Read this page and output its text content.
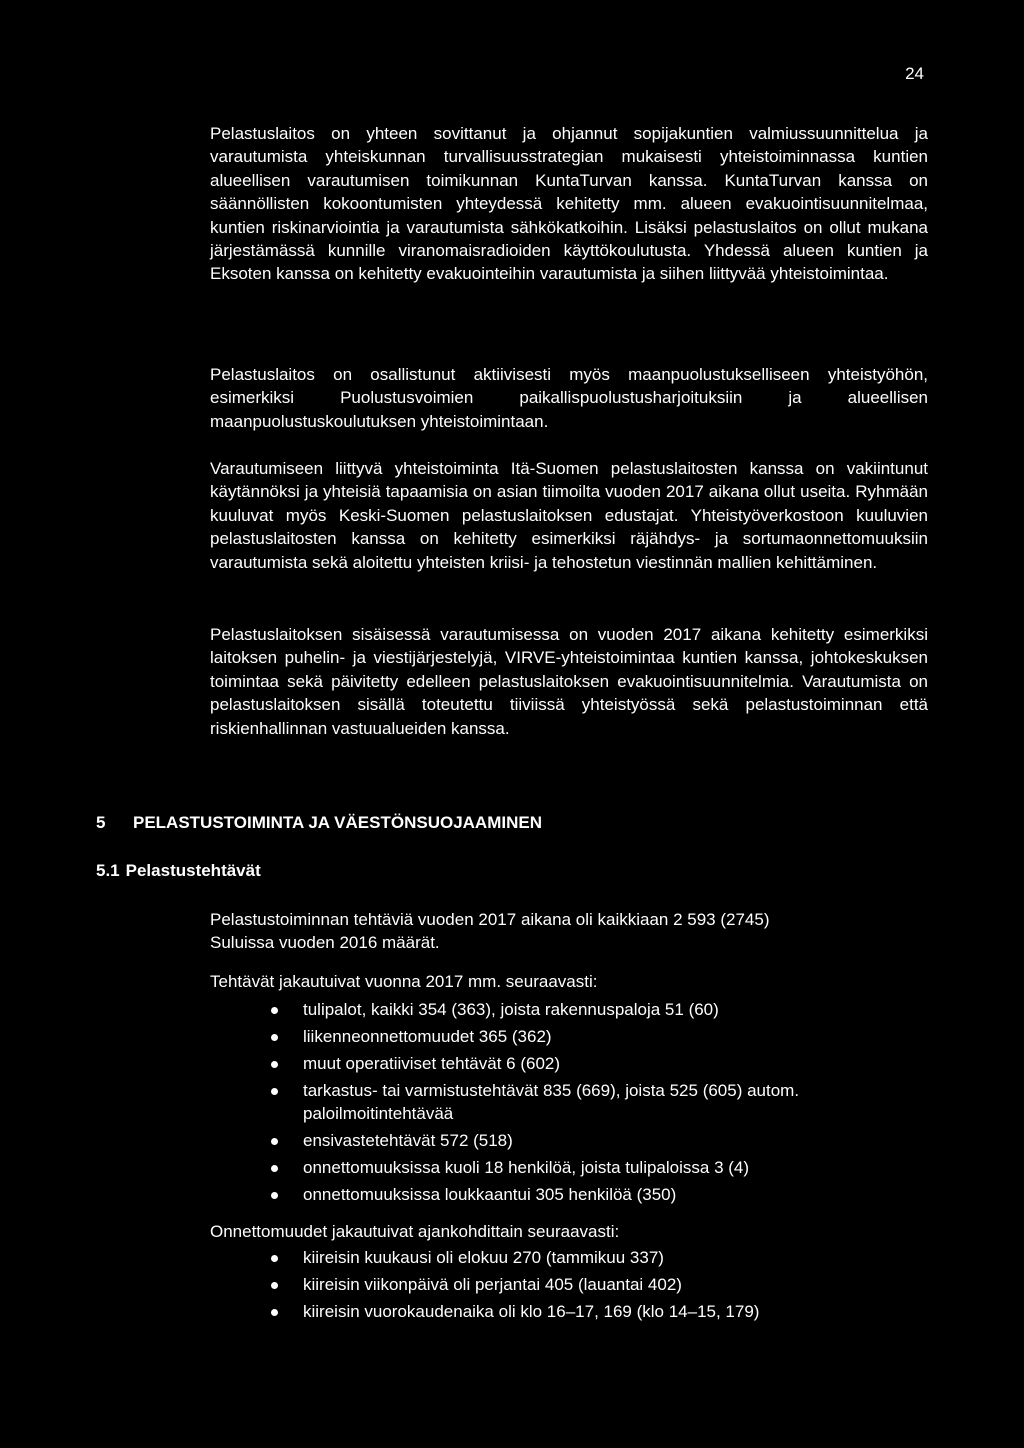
24

Pelastuslaitos on yhteen sovittanut ja ohjannut sopijakuntien valmiussuunnittelua ja varautumista yhteiskunnan turvallisuusstrategian mukaisesti yhteistoiminnassa kuntien alueellisen varautumisen toimikunnan KuntaTurvan kanssa. KuntaTurvan kanssa on säännöllisten kokoontumisten yhteydessä kehitetty mm. alueen evakuointisuunnitelmaa, kuntien riskinarviointia ja varautumista sähkökatkoihin. Lisäksi pelastuslaitos on ollut mukana järjestämässä kunnille viranomaisradioiden käyttökoulutusta. Yhdessä alueen kuntien ja Eksoten kanssa on kehitetty evakuointeihin varautumista ja siihen liittyvää yhteistoimintaa.

Pelastuslaitos on osallistunut aktiivisesti myös maanpuolustukselliseen yhteistyöhön, esimerkiksi Puolustusvoimien paikallispuolustusharjoituksiin ja alueellisen maanpuolustuskoulutuksen yhteistoimintaan.

Varautumiseen liittyvä yhteistoiminta Itä-Suomen pelastuslaitosten kanssa on vakiintunut käytännöksi ja yhteisiä tapaamisia on asian tiimoilta vuoden 2017 aikana ollut useita. Ryhmään kuuluvat myös Keski-Suomen pelastuslaitoksen edustajat. Yhteistyöverkostoon kuuluvien pelastuslaitosten kanssa on kehitetty esimerkiksi räjähdys- ja sortumaonnettomuuksiin varautumista sekä aloitettu yhteisten kriisi- ja tehostetun viestinnän mallien kehittäminen.

Pelastuslaitoksen sisäisessä varautumisessa on vuoden 2017 aikana kehitetty esimerkiksi laitoksen puhelin- ja viestijärjestelyjä, VIRVE-yhteistoimintaa kuntien kanssa, johtokeskuksen toimintaa sekä päivitetty edelleen pelastuslaitoksen evakuointisuunnitelmia. Varautumista on pelastuslaitoksen sisällä toteutettu tiiviissä yhteistyössä sekä pelastustoiminnan että riskienhallinnan vastuualueiden kanssa.

5 PELASTUSTOIMINTA JA VÄESTÖNSUOJAAMINEN
5.1 Pelastustehtävät

Pelastustoiminnan tehtäviä vuoden 2017 aikana oli kaikkiaan 2 593 (2745)

Suluissa vuoden 2016 määrät.

Tehtävät jakautuivat vuonna 2017 mm. seuraavasti:

tulipalot, kaikki 354 (363), joista rakennuspaloja 51 (60)
liikenneonnettomuudet 365 (362)
muut operatiiviset tehtävät 6 (602)
tarkastus- tai varmistustehtävät 835 (669), joista 525 (605) autom. paloilmoitintehtävää
ensivastetehtävät 572 (518)
onnettomuuksissa kuoli 18 henkilöä, joista tulipaloissa 3 (4)
onnettomuuksissa loukkaantui 305 henkilöä (350)

Onnettomuudet jakautuivat ajankohdittain seuraavasti:

kiireisin kuukausi oli elokuu 270 (tammikuu 337)
kiireisin viikonpäivä oli perjantai 405 (lauantai 402)
kiireisin vuorokaudenaika oli klo 16–17, 169 (klo 14–15, 179)
